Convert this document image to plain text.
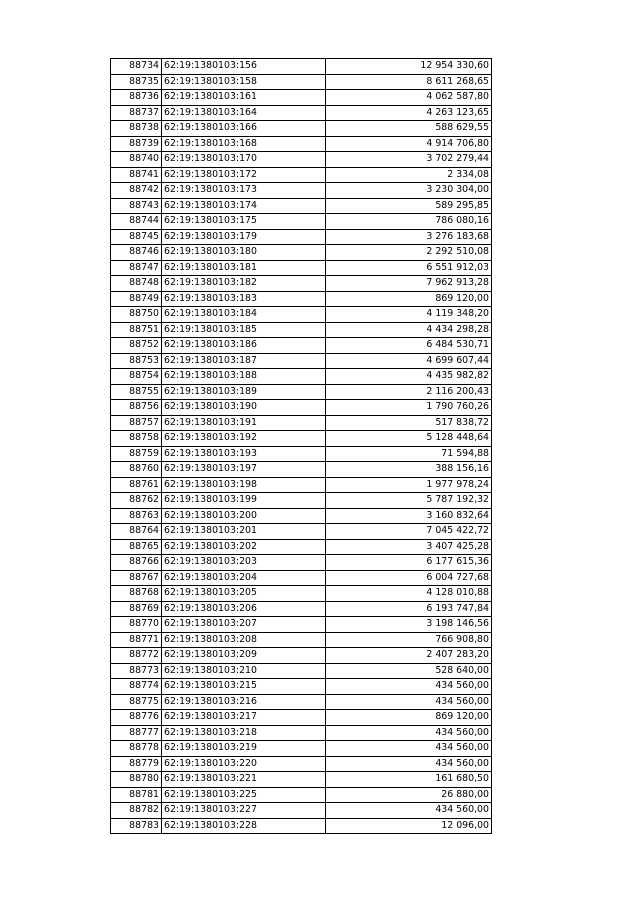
88734	62:19:1380103:156	12 954 330,60
88735	62:19:1380103:158	8 611 268,65
88736	62:19:1380103:161	4 062 587,80
88737	62:19:1380103:164	4 263 123,65
88738	62:19:1380103:166	588 629,55
88739	62:19:1380103:168	4 914 706,80
88740	62:19:1380103:170	3 702 279,44
88741	62:19:1380103:172	2 334,08
88742	62:19:1380103:173	3 230 304,00
88743	62:19:1380103:174	589 295,85
88744	62:19:1380103:175	786 080,16
88745	62:19:1380103:179	3 276 183,68
88746	62:19:1380103:180	2 292 510,08
88747	62:19:1380103:181	6 551 912,03
88748	62:19:1380103:182	7 962 913,28
88749	62:19:1380103:183	869 120,00
88750	62:19:1380103:184	4 119 348,20
88751	62:19:1380103:185	4 434 298,28
88752	62:19:1380103:186	6 484 530,71
88753	62:19:1380103:187	4 699 607,44
88754	62:19:1380103:188	4 435 982,82
88755	62:19:1380103:189	2 116 200,43
88756	62:19:1380103:190	1 790 760,26
88757	62:19:1380103:191	517 838,72
88758	62:19:1380103:192	5 128 448,64
88759	62:19:1380103:193	71 594,88
88760	62:19:1380103:197	388 156,16
88761	62:19:1380103:198	1 977 978,24
88762	62:19:1380103:199	5 787 192,32
88763	62:19:1380103:200	3 160 832,64
88764	62:19:1380103:201	7 045 422,72
88765	62:19:1380103:202	3 407 425,28
88766	62:19:1380103:203	6 177 615,36
88767	62:19:1380103:204	6 004 727,68
88768	62:19:1380103:205	4 128 010,88
88769	62:19:1380103:206	6 193 747,84
88770	62:19:1380103:207	3 198 146,56
88771	62:19:1380103:208	766 908,80
88772	62:19:1380103:209	2 407 283,20
88773	62:19:1380103:210	528 640,00
88774	62:19:1380103:215	434 560,00
88775	62:19:1380103:216	434 560,00
88776	62:19:1380103:217	869 120,00
88777	62:19:1380103:218	434 560,00
88778	62:19:1380103:219	434 560,00
88779	62:19:1380103:220	434 560,00
88780	62:19:1380103:221	161 680,50
88781	62:19:1380103:225	26 880,00
88782	62:19:1380103:227	434 560,00
88783	62:19:1380103:228	12 096,00
